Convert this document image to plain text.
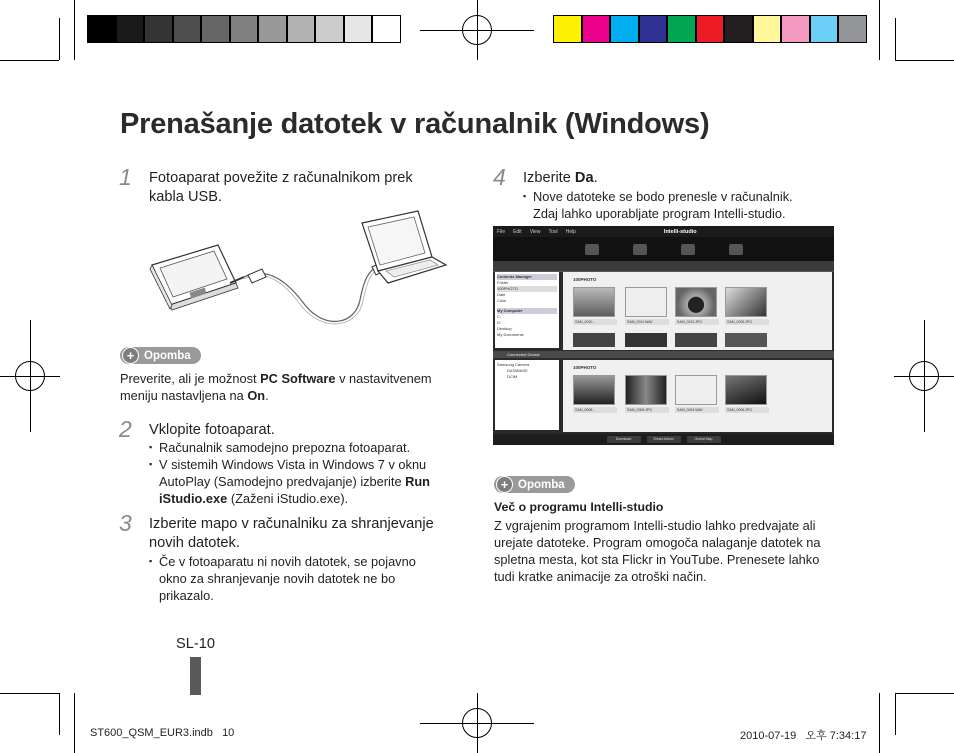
Prenašanje datotek v računalnik (Windows)
1 Fotoaparat povežite z računalnikom prek kabla USB.
+ Opomba
Preverite, ali je možnost PC Software v nastavitvenem meniju nastavljena na On.
2 Vklopite fotoaparat.
▪ Računalnik samodejno prepozna fotoaparat.
▪ V sistemih Windows Vista in Windows 7 v oknu AutoPlay (Samodejno predvajanje) izberite Run iStudio.exe (Zaženi iStudio.exe).
3 Izberite mapo v računalniku za shranjevanje novih datotek.
▪ Če v fotoaparatu ni novih datotek, se pojavno okno za shranjevanje novih datotek ne bo prikazalo.
4 Izberite Da.
▪ Nove datoteke se bodo prenesle v računalnik. Zdaj lahko uporabljate program Intelli-studio.
File Edit View Tool Help	Intelli-studio
Contents Manager
Folder
100PHOTO
Date
Color
My Computer
C:
D:
Desktop
My Documents
100PHOTO
SAM_0010...	SAM_0011.WAV	SAM_0012.JPG	SAM_0026.JPG
Connected Device
Samsung Camera
DATABASE
DCIM
100PHOTO
SAM_0008...	SAM_0005.JPG	SAM_0024.WAV	SAM_0006.JPG
Download	Smart Album	Global Map
+ Opomba
Več o programu Intelli-studio
Z vgrajenim programom Intelli-studio lahko predvajate ali urejate datoteke. Program omogoča nalaganje datotek na spletna mesta, kot sta Flickr in YouTube. Prenesete lahko tudi kratke animacije za otroški način.
SL-10
ST600_QSM_EUR3.indb   10	2010-07-19   오후 7:34:17
